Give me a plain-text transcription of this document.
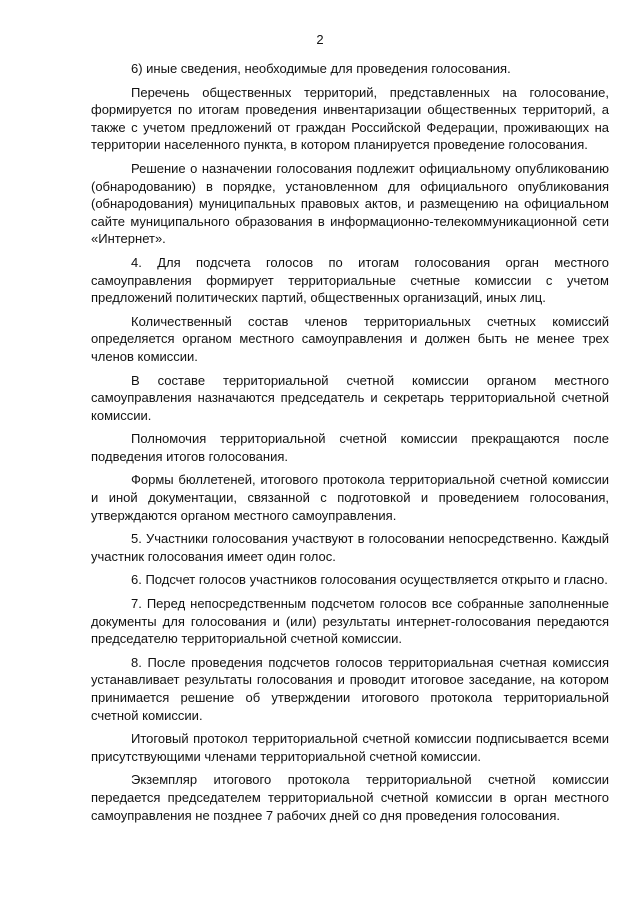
2

6) иные сведения, необходимые для проведения голосования.

Перечень общественных территорий, представленных на голосование, формируется по итогам проведения инвентаризации общественных территорий, а также с учетом предложений от граждан Российской Федерации, проживающих на территории населенного пункта, в котором планируется проведение голосования.

Решение о назначении голосования подлежит официальному опубликованию (обнародованию) в порядке, установленном для официального опубликования (обнародования) муниципальных правовых актов, и размещению на официальном сайте муниципального образования в информационно-телекоммуникационной сети «Интернет».

4. Для подсчета голосов по итогам голосования орган местного самоуправления формирует территориальные счетные комиссии с учетом предложений политических партий, общественных организаций, иных лиц.

Количественный состав членов территориальных счетных комиссий определяется органом местного самоуправления и должен быть не менее трех членов комиссии.

В составе территориальной счетной комиссии органом местного самоуправления назначаются председатель и секретарь территориальной счетной комиссии.

Полномочия территориальной счетной комиссии прекращаются после подведения итогов голосования.

Формы бюллетеней, итогового протокола территориальной счетной комиссии и иной документации, связанной с подготовкой и проведением голосования, утверждаются органом местного самоуправления.

5. Участники голосования участвуют в голосовании непосредственно. Каждый участник голосования имеет один голос.

6. Подсчет голосов участников голосования осуществляется открыто и гласно.

7. Перед непосредственным подсчетом голосов все собранные заполненные документы для голосования и (или) результаты интернет-голосования передаются председателю территориальной счетной комиссии.

8. После проведения подсчетов голосов территориальная счетная комиссия устанавливает результаты голосования и проводит итоговое заседание, на котором принимается решение об утверждении итогового протокола территориальной счетной комиссии.

Итоговый протокол территориальной счетной комиссии подписывается всеми присутствующими членами территориальной счетной комиссии.

Экземпляр итогового протокола территориальной счетной комиссии передается председателем территориальной счетной комиссии в орган местного самоуправления не позднее 7 рабочих дней со дня проведения голосования.
